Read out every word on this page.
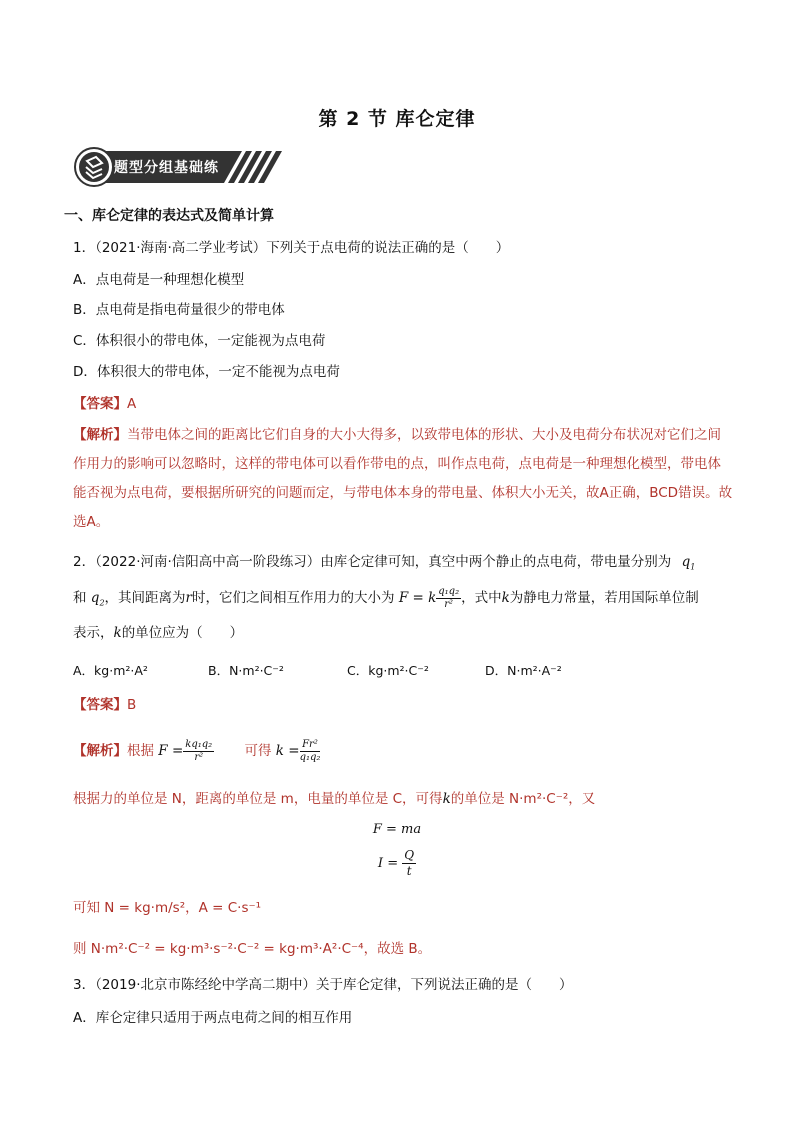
第 2 节 库仑定律
题型分组基础练
一、库仑定律的表达式及简单计算
1．（2021·海南·高二学业考试）下列关于点电荷的说法正确的是（　　）
A．点电荷是一种理想化模型
B．点电荷是指电荷量很少的带电体
C．体积很小的带电体，一定能视为点电荷
D．体积很大的带电体，一定不能视为点电荷
【答案】A
【解析】当带电体之间的距离比它们自身的大小大得多，以致带电体的形状、大小及电荷分布状况对它们之间作用力的影响可以忽略时，这样的带电体可以看作带电的点，叫作点电荷，点电荷是一种理想化模型，带电体能否视为点电荷，要根据所研究的问题而定，与带电体本身的带电量、体积大小无关，故A正确，BCD错误。故选A。
2．（2022·河南·信阳高中高一阶段练习）由库仑定律可知，真空中两个静止的点电荷，带电量分别为 $q_1$
和 $q_2$，其间距离为r时，它们之间相互作用力的大小为 F = k $\frac{\text{q₁q₂}}{\text{r²}}$ ，式中k为静电力常量，若用国际单位制
表示，k的单位应为（　　）
A．kg·m²·A²	B．N·m²·C⁻²	C．kg·m²·C⁻²	D．N·m²·A⁻²
【答案】B
【解析】根据 $F = \frac{\text{kq₁q₂}}{\text{r²}}$ 可得 $k = \frac{\text{Fr²}}{\text{q₁q₂}}$
根据力的单位是 N，距离的单位是 m，电量的单位是 C，可得k的单位是 N·m²·C⁻²，又
F = ma
$I = \frac{Q}{t}$
可知 N = kg·m/s²，A = C·s⁻¹
则 N·m²·C⁻² = kg·m³·s⁻²·C⁻² = kg·m³·A²·C⁻⁴，故选 B。
3．（2019·北京市陈经纶中学高二期中）关于库仑定律，下列说法正确的是（　　）
A．库仑定律只适用于两点电荷之间的相互作用
